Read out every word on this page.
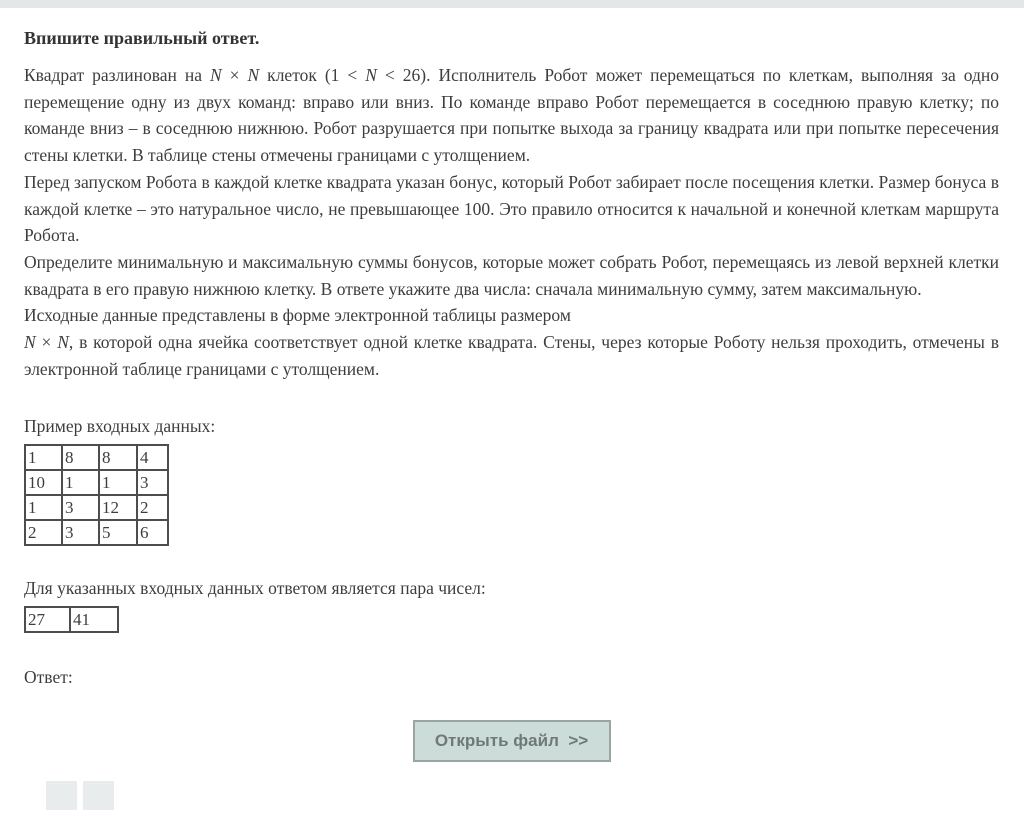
Впишите правильный ответ.

Квадрат разлинован на N × N клеток (1 < N < 26). Исполнитель Робот может перемещаться по клеткам, выполняя за одно перемещение одну из двух команд: вправо или вниз. По команде вправо Робот перемещается в соседнюю правую клетку; по команде вниз – в соседнюю нижнюю. Робот разрушается при попытке выхода за границу квадрата или при попытке пересечения стены клетки. В таблице стены отмечены границами с утолщением.

Перед запуском Робота в каждой клетке квадрата указан бонус, который Робот забирает после посещения клетки. Размер бонуса в каждой клетке – это натуральное число, не превышающее 100. Это правило относится к начальной и конечной клеткам маршрута Робота.

Определите минимальную и максимальную суммы бонусов, которые может собрать Робот, перемещаясь из левой верхней клетки квадрата в его правую нижнюю клетку. В ответе укажите два числа: сначала минимальную сумму, затем максимальную.

Исходные данные представлены в форме электронной таблицы размером
N × N, в которой одна ячейка соответствует одной клетке квадрата. Стены, через которые Роботу нельзя проходить, отмечены в электронной таблице границами с утолщением.

Пример входных данных:
1	8	8	4
10	1	1	3
1	3	12	2
2	3	5	6
Для указанных входных данных ответом является пара чисел:
27	41
Ответ:
Открыть файл  >>
